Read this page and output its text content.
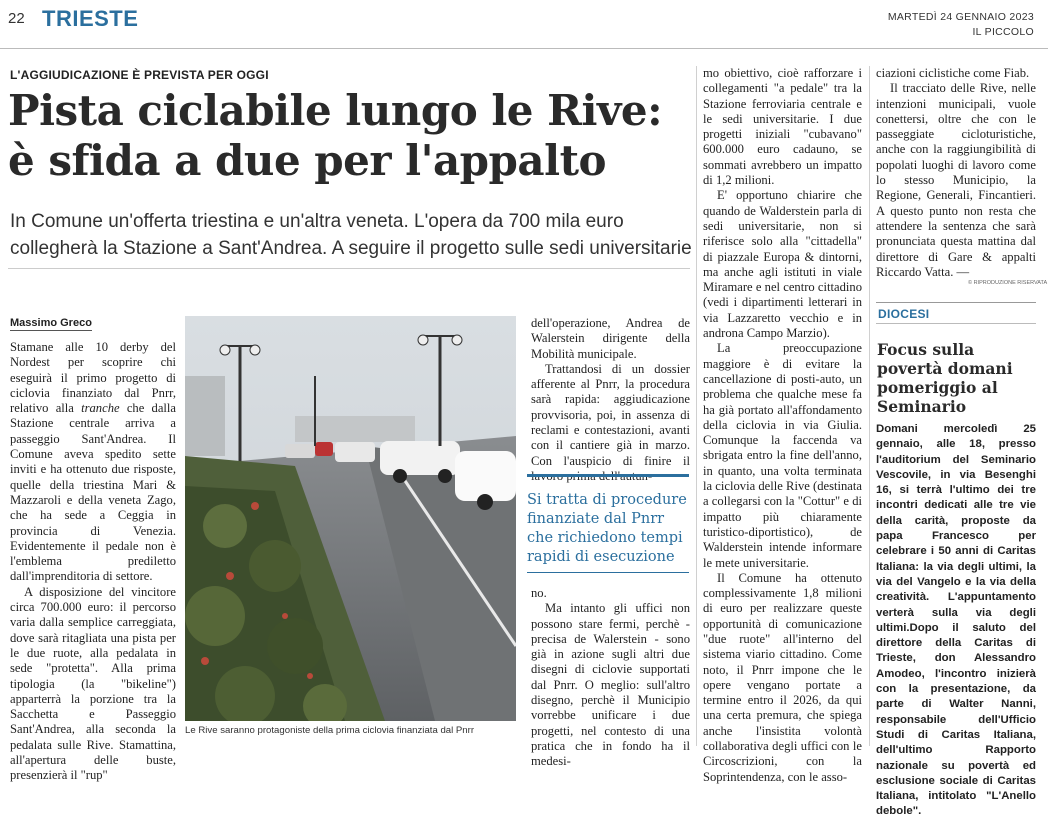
22 TRIESTE	MARTEDÌ 24 GENNAIO 2023
IL PICCOLO
L'AGGIUDICAZIONE È PREVISTA PER OGGI
Pista ciclabile lungo le Rive:
è sfida a due per l'appalto
In Comune un'offerta triestina e un'altra veneta. L'opera da 700 mila euro
collegherà la Stazione a Sant'Andrea. A seguire il progetto sulle sedi universitarie
Massimo Greco

Stamane alle 10 derby del Nordest per scoprire chi eseguirà il primo progetto di ciclovia finanziato dal Pnrr, relativo alla tranche che dalla Stazione centrale arriva a passeggio Sant'Andrea. Il Comune aveva spedito sette inviti e ha ottenuto due risposte, quelle della triestina Mari & Mazzaroli e della veneta Zago, che ha sede a Ceggia in provincia di Venezia. Evidentemente il pedale non è l'emblema prediletto dall'imprenditoria di settore.

A disposizione del vincitore circa 700.000 euro: il percorso varia dalla semplice carreggiata, dove sarà ritagliata una pista per le due ruote, alla pedalata in sede "protetta". Alla prima tipologia (la "bikeline") apparterrà la porzione tra la Sacchetta e Passeggio Sant'Andrea, alla seconda la pedalata sulle Rive. Stamattina, all'apertura delle buste, presenzierà il "rup"

Le Rive saranno protagoniste della prima ciclovia finanziata dal Pnrr

dell'operazione, Andrea de Walerstein dirigente della Mobilità municipale.

Trattandosi di un dossier afferente al Pnrr, la procedura sarà rapida: aggiudicazione provvisoria, poi, in assenza di reclami e contestazioni, avanti con il cantiere già in marzo. Con l'auspicio di finire il lavoro prima dell'autun-

Si tratta di procedure finanziate dal Pnrr che richiedono tempi rapidi di esecuzione

no.

Ma intanto gli uffici non possono stare fermi, perchè - precisa de Walerstein - sono già in azione sugli altri due disegni di ciclovie supportati dal Pnrr. O meglio: sull'altro disegno, perchè il Municipio vorrebbe unificare i due progetti, nel contesto di una pratica che in fondo ha il medesi-

mo obiettivo, cioè rafforzare i collegamenti "a pedale" tra la Stazione ferroviaria centrale e le sedi universitarie. I due progetti iniziali "cubavano" 600.000 euro cadauno, se sommati avrebbero un impatto di 1,2 milioni.

E' opportuno chiarire che quando de Walderstein parla di sedi universitarie, non si riferisce solo alla "cittadella" di piazzale Europa & dintorni, ma anche agli istituti in viale Miramare e nel centro cittadino (vedi i dipartimenti letterari in via Lazzaretto vecchio e in androna Campo Marzio).

La preoccupazione maggiore è di evitare la cancellazione di posti-auto, un problema che qualche mese fa ha già portato all'affondamento della ciclovia in via Giulia. Comunque la faccenda va sbrigata entro la fine dell'anno, in quanto, una volta terminata la ciclovia delle Rive (destinata a collegarsi con la "Cottur" e di impatto più chiaramente turistico-diportistico), de Walderstein intende informare le mete universitarie.

Il Comune ha ottenuto complessivamente 1,8 milioni di euro per realizzare queste opportunità di comunicazione "due ruote" all'interno del sistema viario cittadino. Come noto, il Pnrr impone che le opere vengano portate a termine entro il 2026, da qui una certa premura, che spiega anche l'insistita volontà collaborativa degli uffici con le Circoscrizioni, con la Soprintendenza, con le asso-

ciazioni ciclistiche come Fiab.

Il tracciato delle Rive, nelle intenzioni municipali, vuole conettersi, oltre che con le passeggiate cicloturistiche, anche con la raggiungibilità di popolati luoghi di lavoro come lo stesso Municipio, la Regione, Generali, Fincantieri. A questo punto non resta che attendere la sentenza che sarà pronunciata questa mattina dal direttore di Gare & appalti Riccardo Vatta. —

© RIPRODUZIONE RISERVATA
DIOCESI
Focus sulla povertà domani pomeriggio al Seminario

Domani mercoledì 25 gennaio, alle 18, presso l'auditorium del Seminario Vescovile, in via Besenghi 16, si terrà l'ultimo dei tre incontri dedicati alle tre vie della carità, proposte da papa Francesco per celebrare i 50 anni di Caritas Italiana: la via degli ultimi, la via del Vangelo e la via della creatività. L'appuntamento verterà sulla via degli ultimi.Dopo il saluto del direttore della Caritas di Trieste, don Alessandro Amodeo, l'incontro inizierà con la presentazione, da parte di Walter Nanni, responsabile dell'Ufficio Studi di Caritas Italiana, dell'ultimo Rapporto nazionale su povertà ed esclusione sociale di Caritas Italiana, intitolato "L'Anello debole".
